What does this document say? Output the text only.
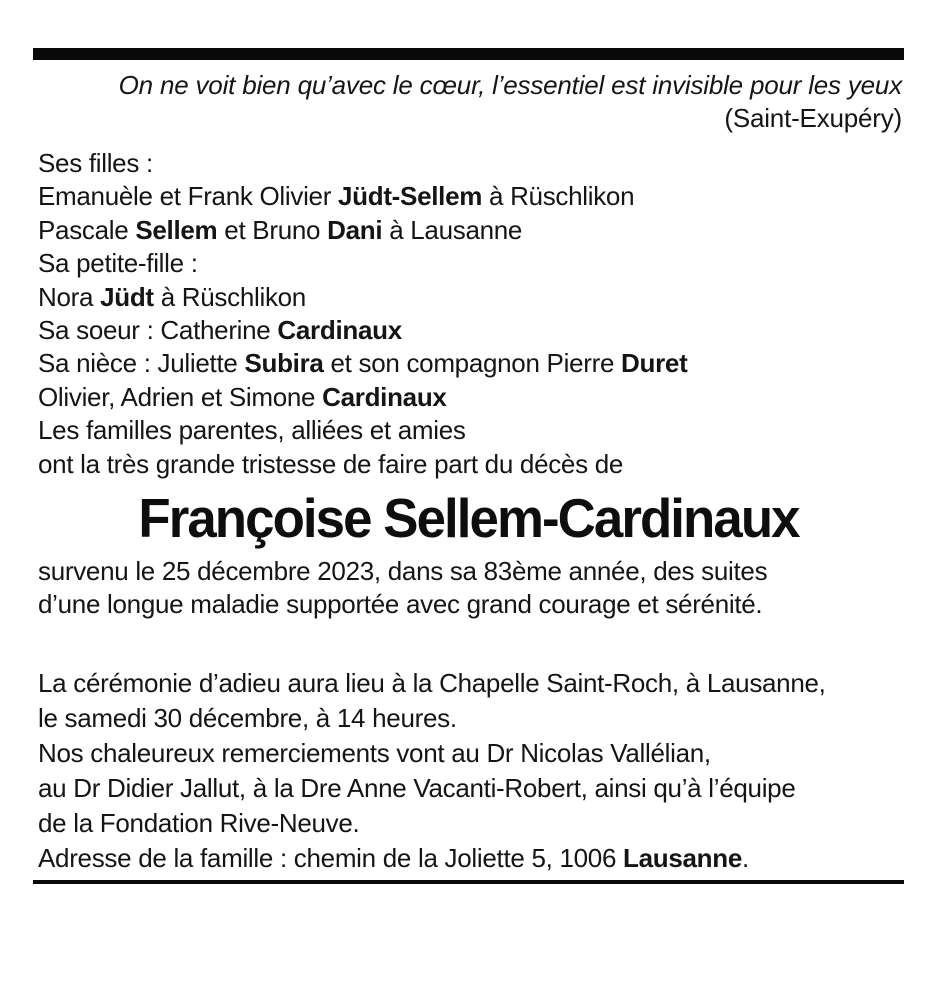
On ne voit bien qu’avec le cœur, l’essentiel est invisible pour les yeux
(Saint-Exupéry)
Ses filles :
Emanuèle et Frank Olivier Jüdt-Sellem à Rüschlikon
Pascale Sellem et Bruno Dani à Lausanne
Sa petite-fille :
Nora Jüdt à Rüschlikon
Sa soeur : Catherine Cardinaux
Sa nièce : Juliette Subira et son compagnon Pierre Duret
Olivier, Adrien et Simone Cardinaux
Les familles parentes, alliées et amies
ont la très grande tristesse de faire part du décès de
Françoise Sellem-Cardinaux
survenu le 25 décembre 2023, dans sa 83ème année, des suites
d’une longue maladie supportée avec grand courage et sérénité.
La cérémonie d’adieu aura lieu à la Chapelle Saint-Roch, à Lausanne,
le samedi 30 décembre, à 14 heures.
Nos chaleureux remerciements vont au Dr Nicolas Vallélian,
au Dr Didier Jallut, à la Dre Anne Vacanti-Robert, ainsi qu’à l’équipe
de la Fondation Rive-Neuve.
Adresse de la famille : chemin de la Joliette 5, 1006 Lausanne.
